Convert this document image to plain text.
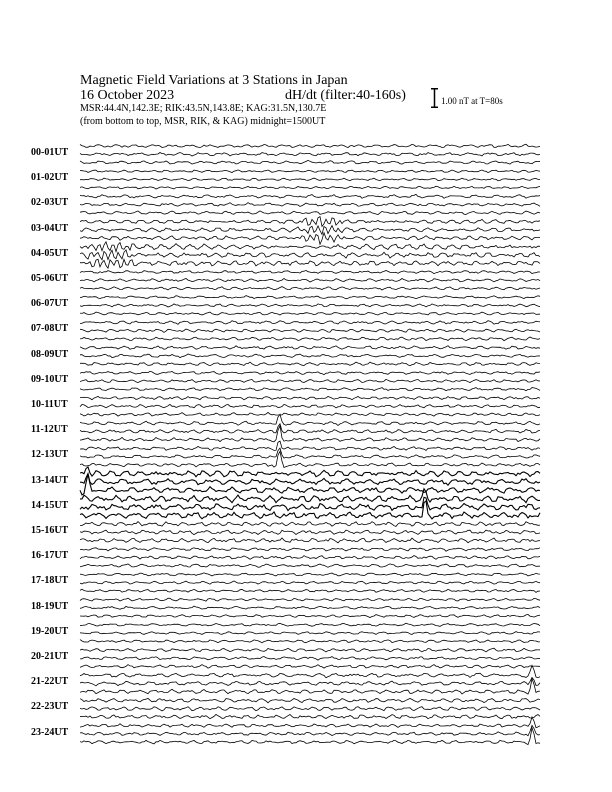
Magnetic Field Variations at 3 Stations in Japan
16 October 2023	dH/dt (filter:40-160s)
MSR:44.4N,142.3E; RIK:43.5N,143.8E; KAG:31.5N,130.7E
(from bottom to top, MSR, RIK, & KAG) midnight=1500UT
1.00 nT at T=80s
00-01UT
01-02UT
02-03UT
03-04UT
04-05UT
05-06UT
06-07UT
07-08UT
08-09UT
09-10UT
10-11UT
11-12UT
12-13UT
13-14UT
14-15UT
15-16UT
16-17UT
17-18UT
18-19UT
19-20UT
20-21UT
21-22UT
22-23UT
23-24UT
